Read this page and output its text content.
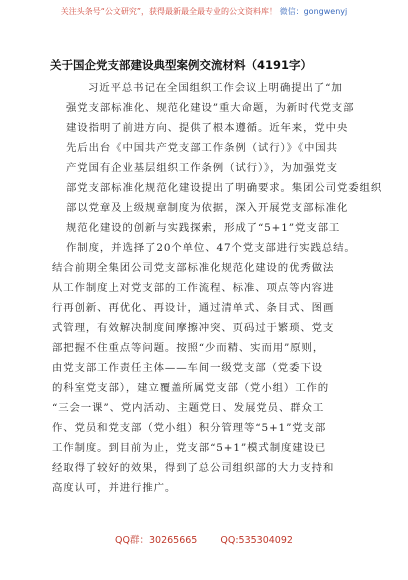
关注头条号“公文研究”，获得最新最全最专业的公文资料库！ 微信：gongwenyj
关于国企党支部建设典型案例交流材料（4191字）
习近平总书记在全国组织工作会议上明确提出了“加
强党支部标准化、规范化建设”重大命题，为新时代党支部
建设指明了前进方向、提供了根本遵循。近年来，党中央
先后出台《中国共产党支部工作条例（试行）》《中国共
产党国有企业基层组织工作条例（试行）》，为加强党支
部党支部标准化规范化建设提出了明确要求。集团公司党委组织
部以党章及上级规章制度为依据，深入开展党支部标准化
规范化建设的创新与实践探索，形成了“5+1”党支部工
作制度，并选择了20个单位、47个党支部进行实践总结。
结合前期全集团公司党支部标准化规范化建设的优秀做法
从工作制度上对党支部的工作流程、标准、项点等内容进
行再创新、再优化、再设计，通过清单式、条目式、图画
式管理，有效解决制度间摩擦冲突、页码过于繁琐、党支
部把握不住重点等问题。按照“少而精、实而用”原则，
由党支部工作责任主体——车间一级党支部（党委下设
的科室党支部），建立覆盖所属党支部（党小组）工作的
“三会一课”、党内活动、主题党日、发展党员、群众工
作、党员和党支部（党小组）积分管理等“5+1”党支部
工作制度。到目前为止，党支部“5+1”模式制度建设已
经取得了较好的效果，得到了总公司组织部的大力支持和
高度认可，并进行推广。
QQ群：30265665 QQ:535304092
